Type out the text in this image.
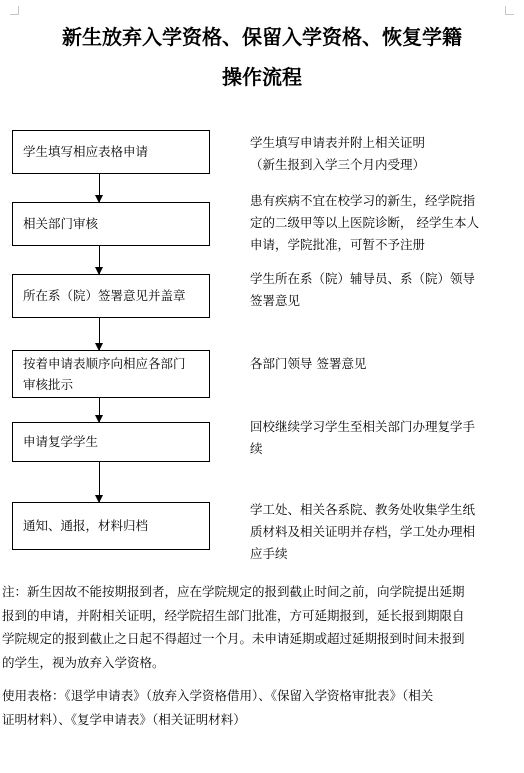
新生放弃入学资格、保留入学资格、恢复学籍
操作流程
学生填写相应表格申请
学生填写申请表并附上相关证明
（新生报到入学三个月内受理）
相关部门审核
患有疾病不宜在校学习的新生，经学院指
定的二级甲等以上医院诊断， 经学生本人
申请，学院批准，可暂不予注册
所在系（院）签署意见并盖章
学生所在系（院）辅导员、系（院）领导
签署意见
按着申请表顺序向相应各部门
审核批示
各部门领导 签署意见
申请复学学生
回校继续学习学生至相关部门办理复学手
续
通知、通报，材料归档
学工处、相关各系院、教务处收集学生纸
质材料及相关证明并存档，学工处办理相
应手续
注：新生因故不能按期报到者，应在学院规定的报到截止时间之前，向学院提出延期
报到的申请，并附相关证明，经学院招生部门批准，方可延期报到，延长报到期限自
学院规定的报到截止之日起不得超过一个月。未申请延期或超过延期报到时间未报到
的学生，视为放弃入学资格。
使用表格：《退学申请表》（放弃入学资格借用）、《保留入学资格审批表》（相关
证明材料）、《复学申请表》（相关证明材料）
